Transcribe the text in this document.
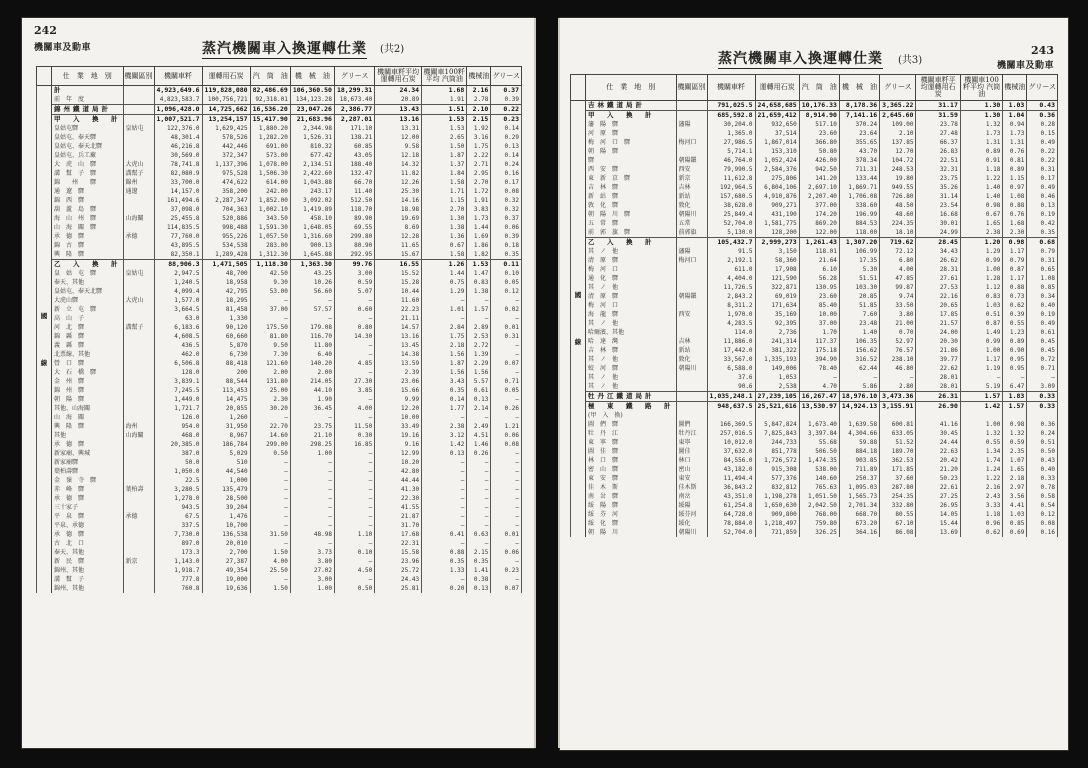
242
機關車及動車	蒸汽機關車入換運轉仕業 (共2)
	仕　業　地　別	機關區別	機關車粁	運轉用石炭	汽　筒　油	機　械　油	グリース	機關車粁平均運轉用石炭	機關車100粁平均 汽筒油	機械油	グリース

國
線	計		4,923,649.6	119,828,080	82,486.69	106,360.50	18,299.31	24.34	1.68	2.16	0.37
	前　年　度		4,823,583.7	100,756,721	92,318.01	134,123.28	18,673.40	20.89	1.91	2.78	0.39
	錦州鐵道局計		1,096,428.0	14,725,662	16,536.20	23,047.26	2,386.77	13.43	1.51	2.10	0.22
	甲　入　換　計		1,007,521.7	13,254,157	15,417.90	21,683.96	2,287.01	13.16	1.53	2.15	0.23
	皇姑屯驛	皇姑屯	122,376.0	1,629,425	1,880.20	2,344.98	171.10	13.31	1.53	1.92	0.14
	皇姑屯、奉天驛		48,301.4	578,526	1,282.20	1,526.31	138.21	12.00	2.65	3.16	0.29
	皇姑屯、奉天北驛		46,216.8	442,446	691.00	810.32	60.85	9.58	1.50	1.75	0.13
	皇姑屯、兵工廠		30,569.0	372,347	573.00	677.42	43.05	12.18	1.87	2.22	0.14
	大　虎　山　驛	大虎山	78,741.8	1,137,396	1,078.00	2,134.51	188.40	14.32	1.37	2.71	0.24
	溝　幫　子　驛	溝幫子	82,080.9	975,528	1,506.30	2,422.60	132.47	11.82	1.84	2.95	0.16
	錦　　州　　驛	錦州	33,700.0	474,622	614.00	1,043.88	66.70	12.26	1.58	2.70	0.17
	通　遼　驛	通遼	14,157.0	358,200	242.00	243.17	11.40	25.30	1.71	1.72	0.08
	錦　西　驛		161,494.6	2,287,347	1,852.00	3,092.02	512.50	14.16	1.15	1.91	0.32
	葫　蘆　島　驛		37,098.0	704,363	1,002.10	1,419.89	118.70	18.98	2.70	3.83	0.32
	海　山　州　驛	山海關	25,455.8	520,886	343.50	458.10	89.90	19.69	1.30	1.73	0.37
	山　海　關　驛		114,835.5	998,488	1,591.30	1,648.05	69.55	8.69	1.38	1.44	0.06
	承　德　驛	承德	77,760.0	955,226	1,057.50	1,316.60	299.80	12.28	1.36	1.69	0.39
	錦　古　驛		43,895.5	534,538	283.00	900.13	80.90	11.65	0.67	1.86	0.18
	興　隆　驛		82,350.1	1,289,428	1,312.30	1,645.88	292.95	15.67	1.58	1.82	0.35
	乙　入　換　計		88,906.3	1,471,505	1,118.30	1,363.30	99.76	16.55	1.26	1.53	0.11
	皇　姑　屯　驛	皇姑屯	2,947.5	48,700	42.50	43.25	3.00	15.52	1.44	1.47	0.10
	奉天、其他		1,240.5	18,958	9.30	10.26	0.59	15.28	0.75	0.83	0.05
	皇姑屯、奉天北驛		4,099.4	42,795	53.00	56.60	5.07	10.44	1.29	1.38	0.12
	大虎山驛	大虎山	1,577.0	18,295	—	—	—	11.60	—	—	—
	新　立　屯　驛		3,664.5	81,458	37.00	57.57	0.60	22.23	1.01	1.57	0.02
	高　山　子		63.0	1,330	—	—	—	21.11	—	—	—
	河　北　驛	溝幫子	6,183.6	90,120	175.50	179.08	0.80	14.57	2.84	2.89	0.01
	錦　縣　驛		4,608.5	60,660	81.80	116.70	14.30	13.16	1.75	2.53	0.31
	義　縣　驛		436.5	5,870	9.50	11.80	—	13.45	2.18	2.72	—
	北票線、其他		462.0	6,730	7.30	6.40	—	14.38	1.56	1.39	—
	營　口　驛		6,506.8	88,418	121.60	140.20	4.85	13.59	1.87	2.29	0.07
	大　石　橋　驛		128.0	200	2.00	2.00	—	2.39	1.56	1.56	—
	金　州　驛		3,839.1	88,544	131.80	214.05	27.30	23.06	3.43	5.57	0.71
	錦　州　驛		7,245.5	113,453	25.00	44.10	3.85	15.66	0.35	0.61	0.05
	朝　陽　驛		1,449.0	14,475	2.30	1.90	—	9.99	0.14	0.13	—
	其他、山海關		1,721.7	20,855	30.20	36.45	4.00	12.20	1.77	2.14	0.26
	山　海　關		126.0	1,260	—	—	—	10.00	—	—	—
	興　隆　驛	海州	954.0	31,950	22.70	23.75	11.50	33.49	2.38	2.49	1.21
	其他	山海關	468.0	8,967	14.60	21.10	0.30	19.16	3.12	4.51	0.06
	承　德　驛		20,385.0	186,784	299.00	298.25	16.85	9.16	1.42	1.46	0.08
	新家廟、興城		387.0	5,029	0.50	1.00	—	12.99	0.13	0.26	—
	新家廟驛		50.0	510	—	—	—	10.20	—	—	—
	葉柏壽驛		1,050.0	44,540	—	—	—	42.80	—	—	—
	金　嶺　寺　驛		22.5	1,000	—	—	—	44.44	—	—	—
	赤　峰　驛	葉柏壽	3,280.5	135,479	—	—	—	41.30	—	—	—
	承　德　驛		1,278.0	28,500	—	—	—	22.30	—	—	—
	三十家子		943.5	39,204	—	—	—	41.55	—	—	—
	平　泉　驛	承德	67.5	1,476	—	—	—	21.87	—	—	—
	平泉、承德		337.5	10,700	—	—	—	31.70	—	—	—
	承　德　驛		7,730.0	136,538	31.50	48.98	1.10	17.68	0.41	0.63	0.01
	古　北　口		897.0	20,010	—	—	—	22.31	—	—	—
	奉天、其他		173.3	2,700	1.50	3.73	0.10	15.58	0.88	2.15	0.06
	新　民　驛	新京	1,143.0	27,387	4.00	3.80	—	23.96	0.35	0.35	—
	錦州、其他		1,918.7	49,354	25.50	27.02	4.50	25.72	1.33	1.41	0.23
	溝　幫　子		777.8	19,000	—	3.00	—	24.43	—	0.38	—
	錦州、其他		760.8	19,636	1.50	1.00	0.50	25.81	0.20	0.13	0.07
243
機關車及動車
蒸汽機關車入換運轉仕業 (共3)
	仕　業　地　別	機關區別	機關車粁	運轉用石炭	汽　筒　油	機　械　油	グリース	機關車粁平均運轉用石炭	機關車100粁平均 汽筒油	機械油	グリース

國
線	吉林鐵道局計		791,025.5	24,658,685	10,176.33	8,178.36	3,365.22	31.17	1.30	1.03	0.43
	甲　入　換　計		685,592.8	21,659,412	8,914.90	7,141.16	2,645.60	31.59	1.30	1.04	0.36
	瀋　陽　驛	瀋陽	30,204.0	932,650	517.10	370.24	109.00	23.78	1.32	0.94	0.28
	河　原　驛		1,365.0	37,514	23.60	23.64	2.10	27.48	1.73	1.73	0.15
	梅　河　口　驛	梅河口	27,986.5	1,867,014	366.80	355.65	137.85	66.37	1.31	1.31	0.49
	朝　陽　驛		5,714.1	153,310	50.80	43.70	12.70	26.83	0.89	0.76	0.22
	驛	朝陽鎭	46,764.0	1,052,424	426.00	378.34	104.72	22.51	0.91	0.81	0.22
	西　安　驛	西安	79,990.5	2,584,376	942.50	711.31	248.53	32.31	1.18	0.89	0.31
	東　新　京　驛	新京	11,612.8	275,806	141.20	133.44	19.80	23.75	1.22	1.15	0.17
	吉　林　驛	吉林	192,964.5	6,804,106	2,697.10	1,869.71	949.55	35.26	1.40	0.97	0.49
	新　站　驛	新站	157,680.5	4,910,876	2,207.40	1,706.08	726.80	31.14	1.40	1.08	0.46
	敦　化　驛	敦化	38,628.0	909,271	377.00	338.60	48.50	23.54	0.98	0.88	0.13
	朝　陽　川　驛	朝陽川	25,849.4	431,190	174.20	196.99	48.60	16.68	0.67	0.76	0.19
	五　常　驛	五常	52,704.0	1,581,775	869.20	884.53	224.35	30.01	1.65	1.68	0.42
	前　郭　旗　驛	前郭旗	5,130.0	128,200	122.00	118.00	18.10	24.99	2.38	2.30	0.35
	乙　入　換　計		105,432.7	2,999,273	1,261.43	1,307.20	719.62	28.45	1.20	0.98	0.68
	其　ノ　他	瀋陽	91.5	3,150	118.01	106.99	72.12	34.43	1.29	1.17	0.79
	清　原　驛	梅河口	2,192.1	58,360	21.64	17.35	6.80	26.62	0.99	0.79	0.31
	梅　河　口		611.0	17,908	6.10	5.30	4.00	28.31	1.00	0.87	0.65
	通　化　驛		4,404.0	121,590	56.28	51.51	47.85	27.61	1.28	1.17	1.08
	其　ノ　他		11,726.5	322,871	130.95	103.30	99.87	27.53	1.12	0.88	0.85
	清　原　驛	朝陽鎭	2,843.2	69,019	23.60	20.85	9.74	22.16	0.83	0.73	0.34
	梅　河　口		8,311.2	171,634	85.40	51.85	33.50	20.65	1.03	0.62	0.40
	海　龍　驛	西安	1,970.0	35,169	10.00	7.60	3.80	17.85	0.51	0.39	0.19
	其　ノ　他		4,283.5	92,395	37.00	23.48	21.00	21.57	0.87	0.55	0.49
	哈爾濱、其他		114.0	2,736	1.70	1.40	0.70	24.00	1.49	1.23	0.61
	哈　達　灣	吉林	11,886.0	241,314	117.37	106.35	52.97	20.30	0.99	0.89	0.45
	吉　林　驛	新站	17,442.0	381,322	175.18	156.62	76.57	21.86	1.00	0.90	0.45
	其　ノ　他	敦化	33,567.0	1,335,193	394.90	316.52	238.10	39.77	1.17	0.95	0.72
	蛟　河　驛	朝陽川	6,588.0	149,006	78.40	62.44	46.80	22.62	1.19	0.95	0.71
	其　ノ　他		37.6	1,053	—	—	—	28.01	—	—	—
	其　ノ　他		90.6	2,538	4.70	5.86	2.80	28.01	5.19	6.47	3.09
	牡丹江鐵道局計		1,035,248.1	27,239,105	16,267.47	18,976.10	3,473.36	26.31	1.57	1.83	0.33
	極　東　鐵　路　計		948,637.5	25,521,616	13,530.97	14,924.13	3,155.91	26.90	1.42	1.57	0.33
	(甲　入　換)										
	圖　們　驛	圖們	166,369.5	5,847,824	1,673.40	1,639.58	600.81	41.16	1.00	0.98	0.36
	牡　丹　江	牡丹江	257,016.5	7,825,843	3,397.84	4,304.66	633.05	30.45	1.32	1.32	0.24
	東　寧　驛	東寧	10,012.0	244,733	55.68	59.88	51.52	24.44	0.55	0.59	0.51
	圖　佳　驛	圖佳	37,632.0	851,778	506.50	884.18	189.70	22.63	1.34	2.35	0.50
	林　口　驛	林口	84,556.0	1,726,572	1,474.35	903.85	362.53	20.42	1.74	1.07	0.43
	密　山　驛	密山	43,182.0	915,308	538.00	711.89	171.85	21.20	1.24	1.65	0.40
	東　安　驛	東安	11,494.4	577,376	140.60	250.37	37.60	50.23	1.22	2.18	0.33
	佳　木　斯	佳木斯	36,843.2	832,812	765.63	1,095.03	287.80	22.61	2.16	2.97	0.78
	南　岔　驛	南岔	43,351.0	1,198,278	1,051.50	1,565.73	254.35	27.25	2.43	3.56	0.58
	綏　陽　驛	綏陽	61,254.8	1,650,630	2,042.50	2,701.34	332.80	26.95	3.33	4.41	0.54
	綏　芬　河	綏芬河	64,728.0	909,800	768.00	668.70	80.55	14.05	1.18	1.03	0.12
	綏　化　驛	綏化	78,884.0	1,218,497	759.80	673.20	67.10	15.44	0.96	0.85	0.08
	朝　陽　川	朝陽川	52,704.0	721,859	326.25	364.16	86.08	13.69	0.62	0.69	0.16
